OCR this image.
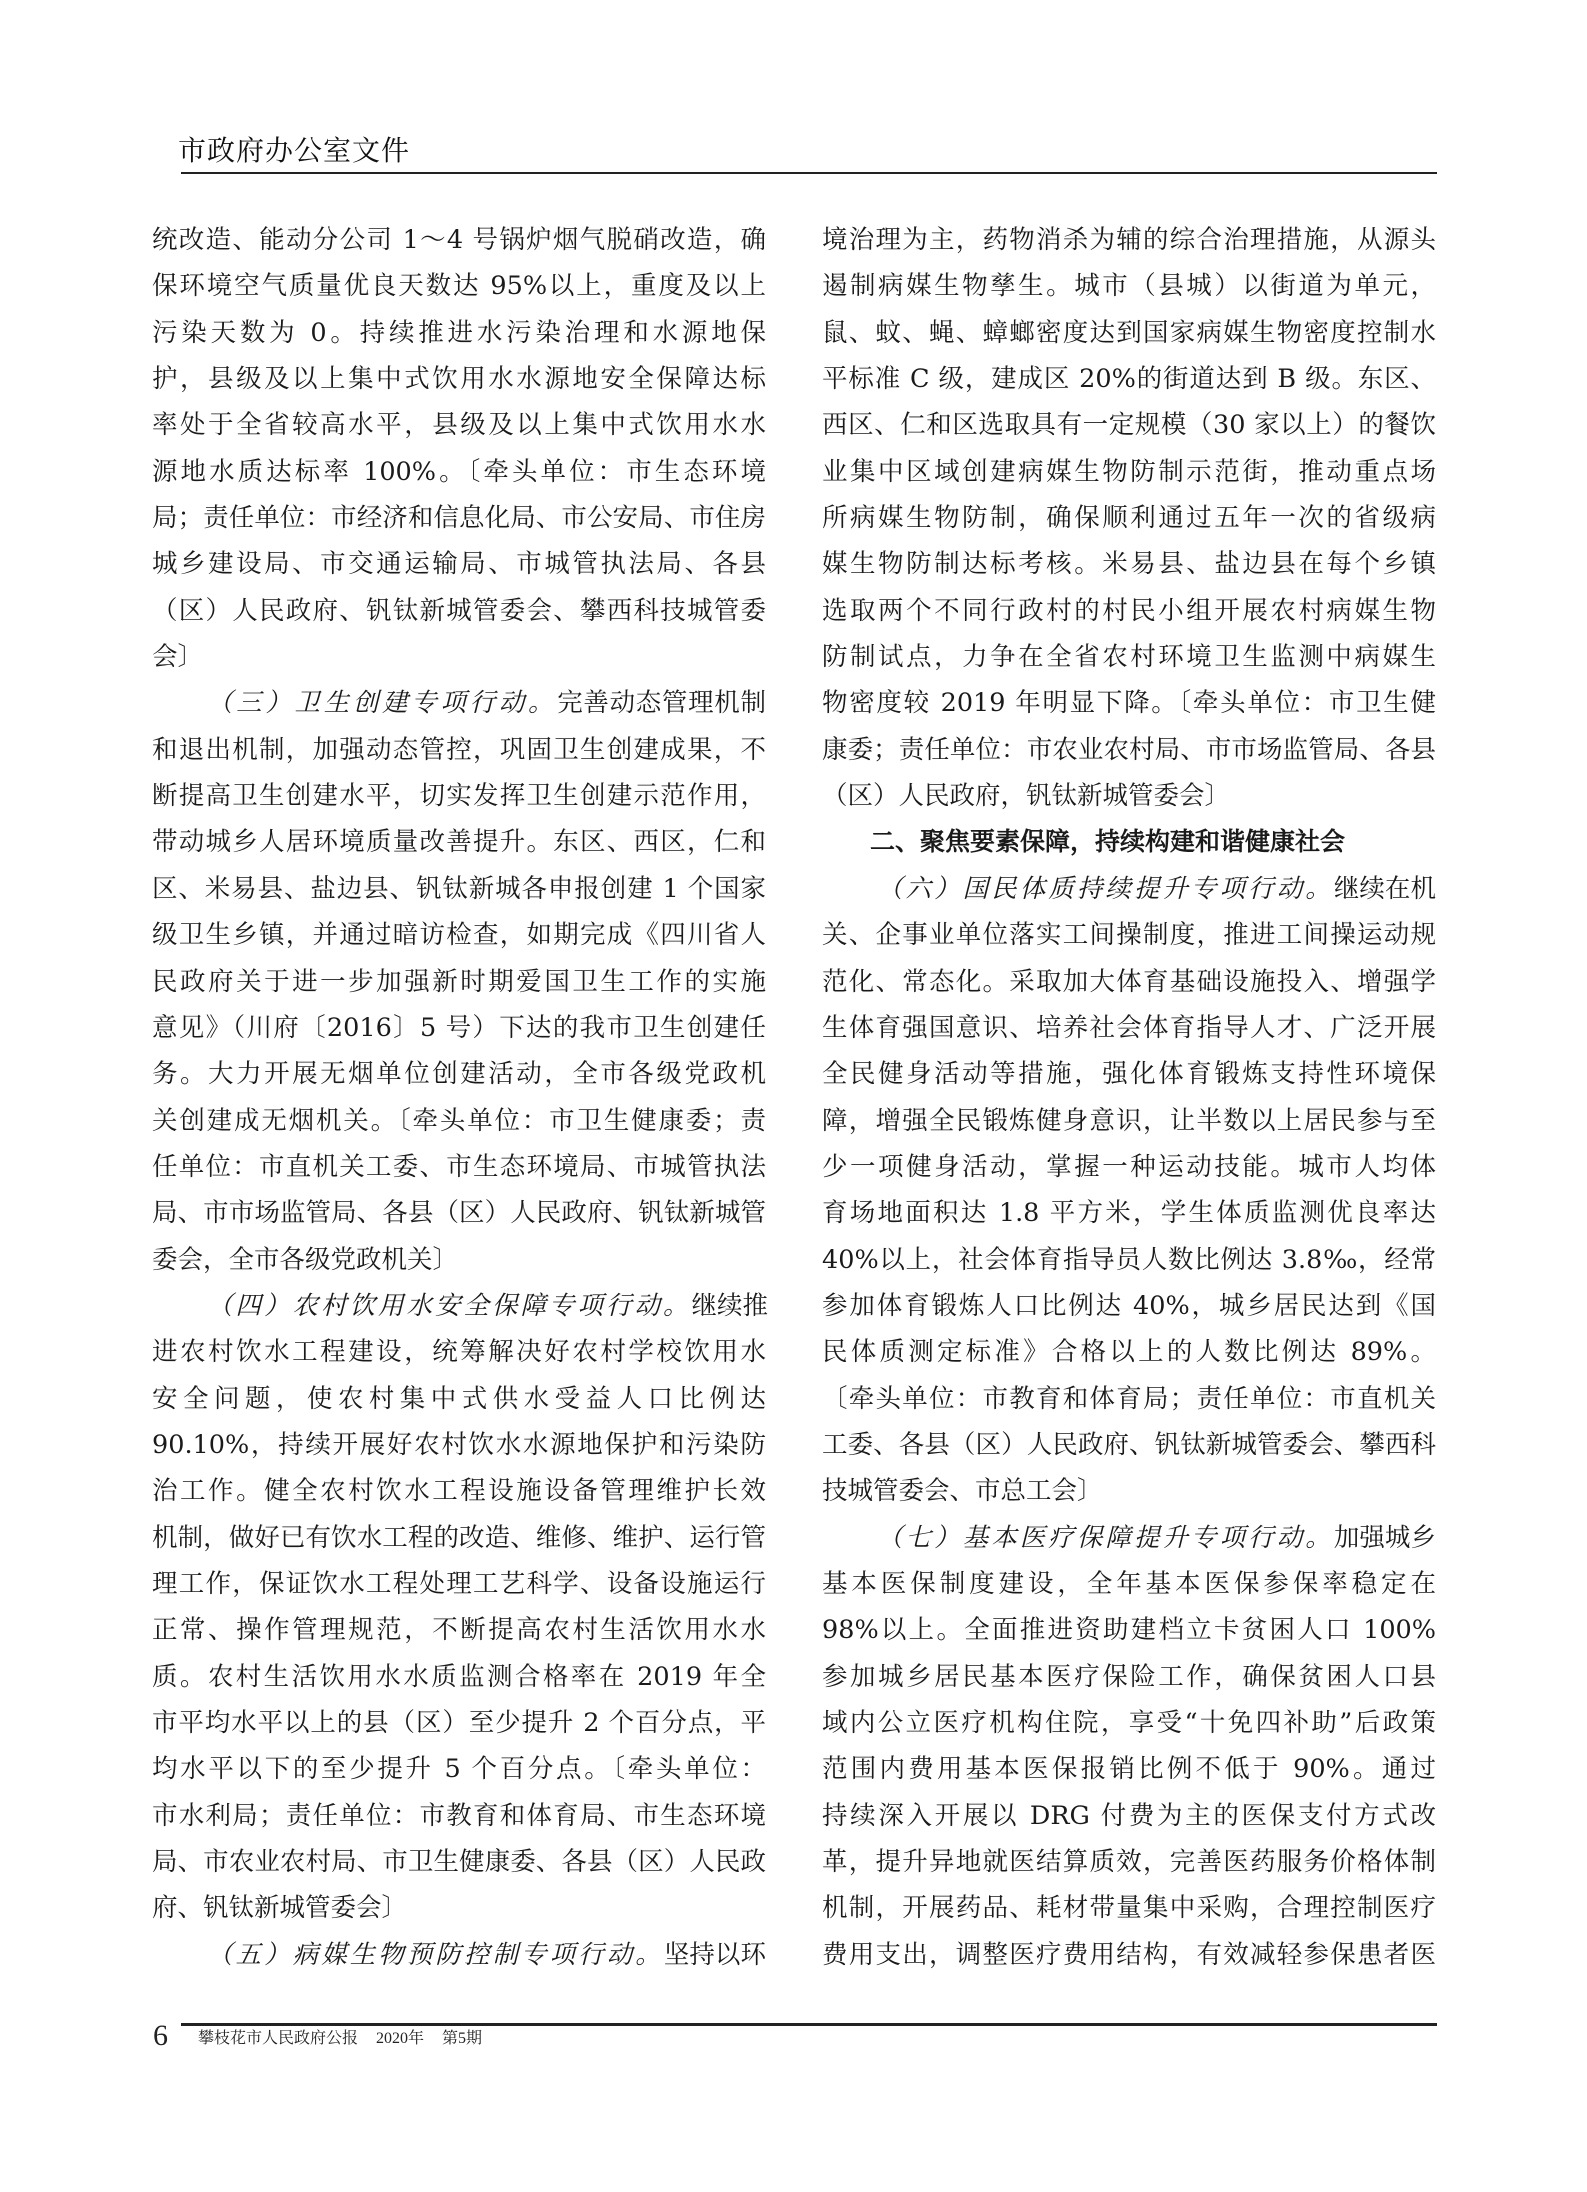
市政府办公室文件
统改造、能动分公司 1～4 号锅炉烟气脱硝改造，确
保环境空气质量优良天数达 95%以上，重度及以上
污染天数为 0。持续推进水污染治理和水源地保
护，县级及以上集中式饮用水水源地安全保障达标
率处于全省较高水平，县级及以上集中式饮用水水
源地水质达标率 100%。〔牵头单位：市生态环境
局；责任单位：市经济和信息化局、市公安局、市住房
城乡建设局、市交通运输局、市城管执法局、各县
（区）人民政府、钒钛新城管委会、攀西科技城管委
会〕
（三）卫生创建专项行动。完善动态管理机制
和退出机制，加强动态管控，巩固卫生创建成果，不
断提高卫生创建水平，切实发挥卫生创建示范作用，
带动城乡人居环境质量改善提升。东区、西区，仁和
区、米易县、盐边县、钒钛新城各申报创建 1 个国家
级卫生乡镇，并通过暗访检查，如期完成《四川省人
民政府关于进一步加强新时期爱国卫生工作的实施
意见》（川府〔2016〕5 号）下达的我市卫生创建任
务。大力开展无烟单位创建活动，全市各级党政机
关创建成无烟机关。〔牵头单位：市卫生健康委；责
任单位：市直机关工委、市生态环境局、市城管执法
局、市市场监管局、各县（区）人民政府、钒钛新城管
委会，全市各级党政机关〕
（四）农村饮用水安全保障专项行动。继续推
进农村饮水工程建设，统筹解决好农村学校饮用水
安全问题，使农村集中式供水受益人口比例达
90.10%，持续开展好农村饮水水源地保护和污染防
治工作。健全农村饮水工程设施设备管理维护长效
机制，做好已有饮水工程的改造、维修、维护、运行管
理工作，保证饮水工程处理工艺科学、设备设施运行
正常、操作管理规范，不断提高农村生活饮用水水
质。农村生活饮用水水质监测合格率在 2019 年全
市平均水平以上的县（区）至少提升 2 个百分点，平
均水平以下的至少提升 5 个百分点。〔牵头单位：
市水利局；责任单位：市教育和体育局、市生态环境
局、市农业农村局、市卫生健康委、各县（区）人民政
府、钒钛新城管委会〕
（五）病媒生物预防控制专项行动。坚持以环
境治理为主，药物消杀为辅的综合治理措施，从源头
遏制病媒生物孳生。城市（县城）以街道为单元，
鼠、蚊、蝇、蟑螂密度达到国家病媒生物密度控制水
平标准 C 级，建成区 20%的街道达到 B 级。东区、
西区、仁和区选取具有一定规模（30 家以上）的餐饮
业集中区域创建病媒生物防制示范街，推动重点场
所病媒生物防制，确保顺利通过五年一次的省级病
媒生物防制达标考核。米易县、盐边县在每个乡镇
选取两个不同行政村的村民小组开展农村病媒生物
防制试点，力争在全省农村环境卫生监测中病媒生
物密度较 2019 年明显下降。〔牵头单位：市卫生健
康委；责任单位：市农业农村局、市市场监管局、各县
（区）人民政府，钒钛新城管委会〕
二、聚焦要素保障，持续构建和谐健康社会
（六）国民体质持续提升专项行动。继续在机
关、企事业单位落实工间操制度，推进工间操运动规
范化、常态化。采取加大体育基础设施投入、增强学
生体育强国意识、培养社会体育指导人才、广泛开展
全民健身活动等措施，强化体育锻炼支持性环境保
障，增强全民锻炼健身意识，让半数以上居民参与至
少一项健身活动，掌握一种运动技能。城市人均体
育场地面积达 1.8 平方米，学生体质监测优良率达
40%以上，社会体育指导员人数比例达 3.8‰，经常
参加体育锻炼人口比例达 40%，城乡居民达到《国
民体质测定标准》合格以上的人数比例达 89%。
〔牵头单位：市教育和体育局；责任单位：市直机关
工委、各县（区）人民政府、钒钛新城管委会、攀西科
技城管委会、市总工会〕
（七）基本医疗保障提升专项行动。加强城乡
基本医保制度建设，全年基本医保参保率稳定在
98%以上。全面推进资助建档立卡贫困人口 100%
参加城乡居民基本医疗保险工作，确保贫困人口县
域内公立医疗机构住院，享受“十免四补助”后政策
范围内费用基本医保报销比例不低于 90%。通过
持续深入开展以 DRG 付费为主的医保支付方式改
革，提升异地就医结算质效，完善医药服务价格体制
机制，开展药品、耗材带量集中采购，合理控制医疗
费用支出，调整医疗费用结构，有效减轻参保患者医
6 攀枝花市人民政府公报 2020年 第5期
